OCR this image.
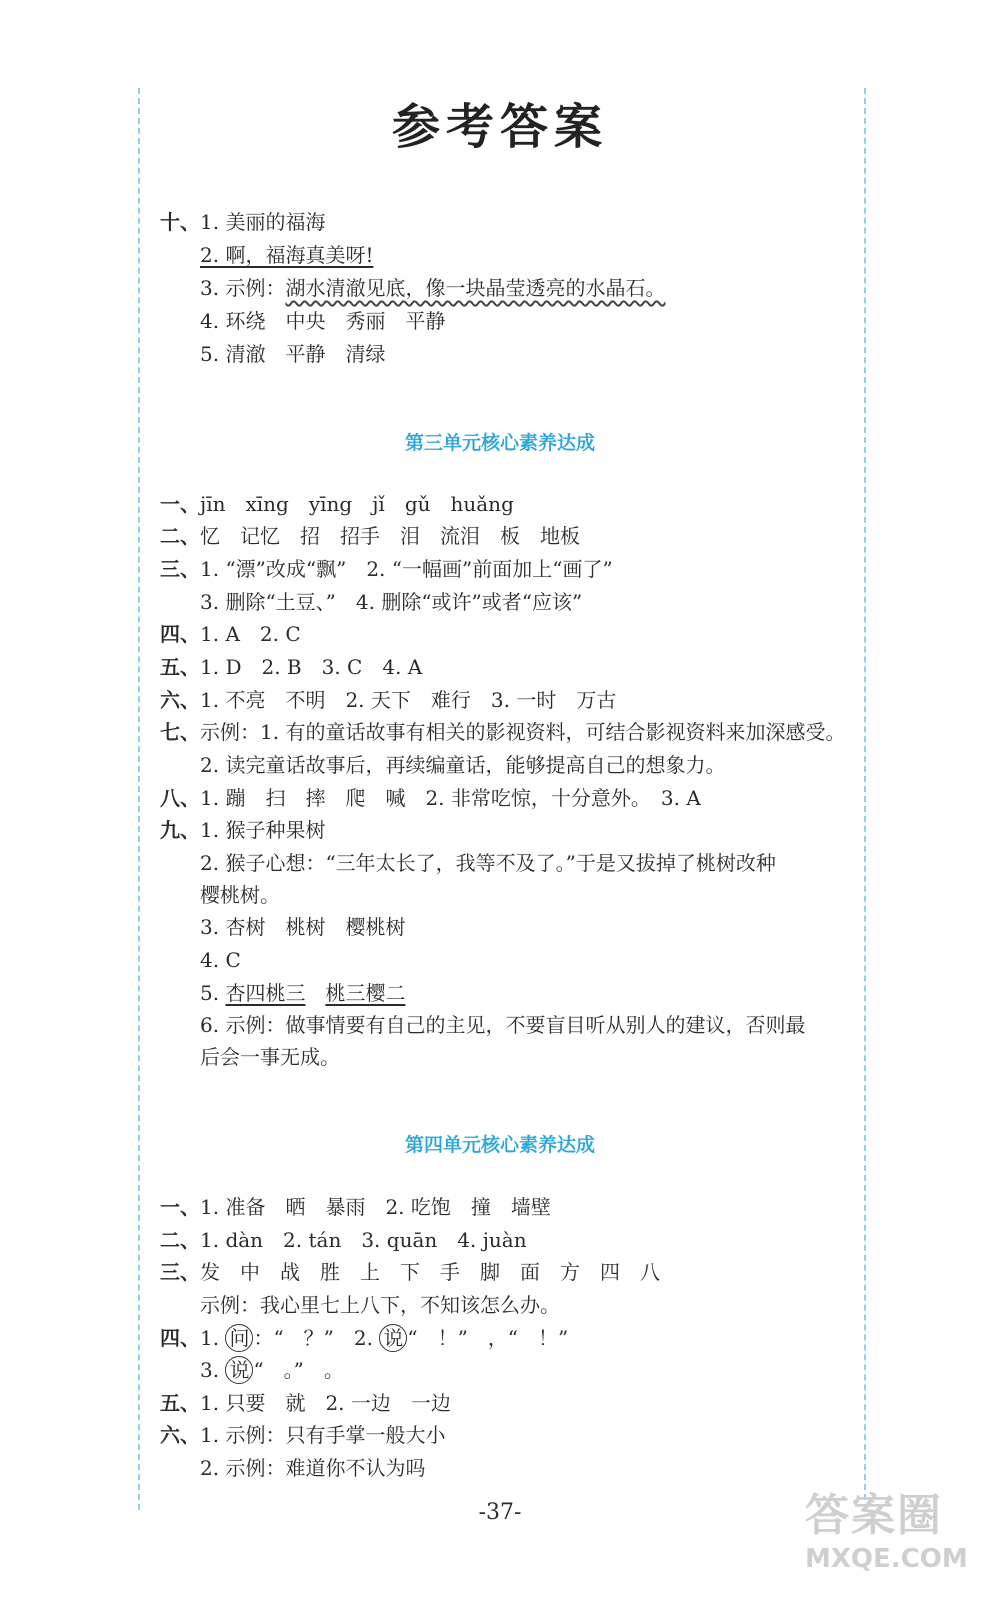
参考答案
十、1. 美丽的福海
2. 啊，福海真美呀!
3. 示例：湖水清澈见底，像一块晶莹透亮的水晶石。
4. 环绕　中央　秀丽　平静
5. 清澈　平静　清绿
第三单元核心素养达成
一、jīn　xīng　yīng　jǐ　gǔ　huǎng
二、忆　记忆　招　招手　泪　流泪　板　地板
三、1. “漂”改成“飘”　2. “一幅画”前面加上“画了”
3. 删除“土豆、”　4. 删除“或许”或者“应该”
四、1. A　2. C
五、1. D　2. B　3. C　4. A
六、1. 不亮　不明　2. 天下　难行　3. 一时　万古
七、示例：1. 有的童话故事有相关的影视资料，可结合影视资料来加深感受。
2. 读完童话故事后，再续编童话，能够提高自己的想象力。
八、1. 蹦　扫　摔　爬　喊　2. 非常吃惊，十分意外。　3. A
九、1. 猴子种果树
2. 猴子心想：“三年太长了，我等不及了。”于是又拔掉了桃树改种
樱桃树。
3. 杏树　桃树　樱桃树
4. C
5. 杏四桃三　 桃三樱二
6. 示例：做事情要有自己的主见，不要盲目听从别人的建议，否则最
后会一事无成。
第四单元核心素养达成
一、1. 准备　晒　暴雨　2. 吃饱　撞　墙壁
二、1. dàn　2. tán　3. quān　4. juàn
三、发　中　战　胜　上　下　手　脚　面　方　四　八
示例：我心里七上八下，不知该怎么办。
四、1. 问 ：“　？”　2. 说 “　！”　，“　！”
3. 说 “　。”　。
五、1. 只要　就　2. 一边　一边
六、1. 示例：只有手掌一般大小
2. 示例：难道你不认为吗
-37-	答案圈
MXQE.COM
